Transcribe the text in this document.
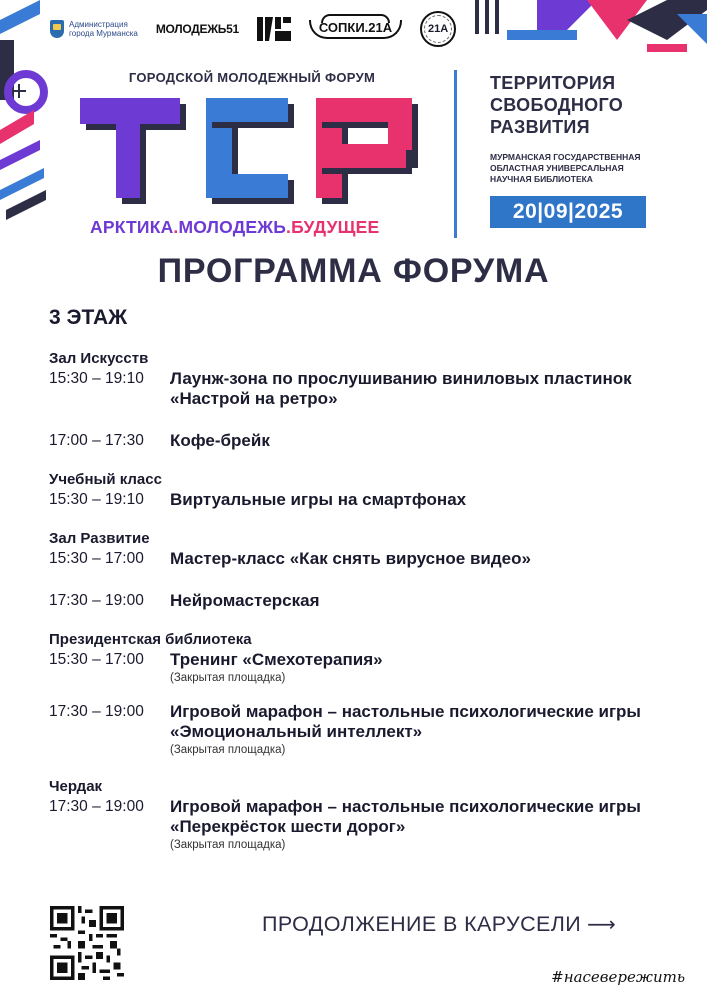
Администрация
города Мурманска МОЛОДЕЖЬ51	СОПКИ.21А	21А
ГОРОДСКОЙ МОЛОДЕЖНЫЙ ФОРУМ
АРКТИКА.МОЛОДЕЖЬ.БУДУЩЕЕ
ТЕРРИТОРИЯ
СВОБОДНОГО
РАЗВИТИЯ
МУРМАНСКАЯ ГОСУДАРСТВЕННАЯ
ОБЛАСТНАЯ УНИВЕРСАЛЬНАЯ
НАУЧНАЯ БИБЛИОТЕКА
20|09|2025
ПРОГРАММА ФОРУМА
3 ЭТАЖ
Зал Искусств
15:30 – 19:10	Лаунж-зона по прослушиванию виниловых пластинок «Настрой на ретро»
17:00 – 17:30	Кофе-брейк
Учебный класс
15:30 – 19:10	Виртуальные игры на смартфонах
Зал Развитие
15:30 – 17:00	Мастер-класс «Как снять вирусное видео»
17:30 – 19:00	Нейромастерская
Президентская библиотека
15:30 – 17:00	Тренинг «Смехотерапия»
(Закрытая площадка)
17:30 – 19:00	Игровой марафон – настольные психологические игры «Эмоциональный интеллект»
(Закрытая площадка)
Чердак
17:30 – 19:00	Игровой марафон – настольные психологические игры «Перекрёсток шести дорог»
(Закрытая площадка)
ПРОДОЛЖЕНИЕ В КАРУСЕЛИ ⟶
#насевережить
